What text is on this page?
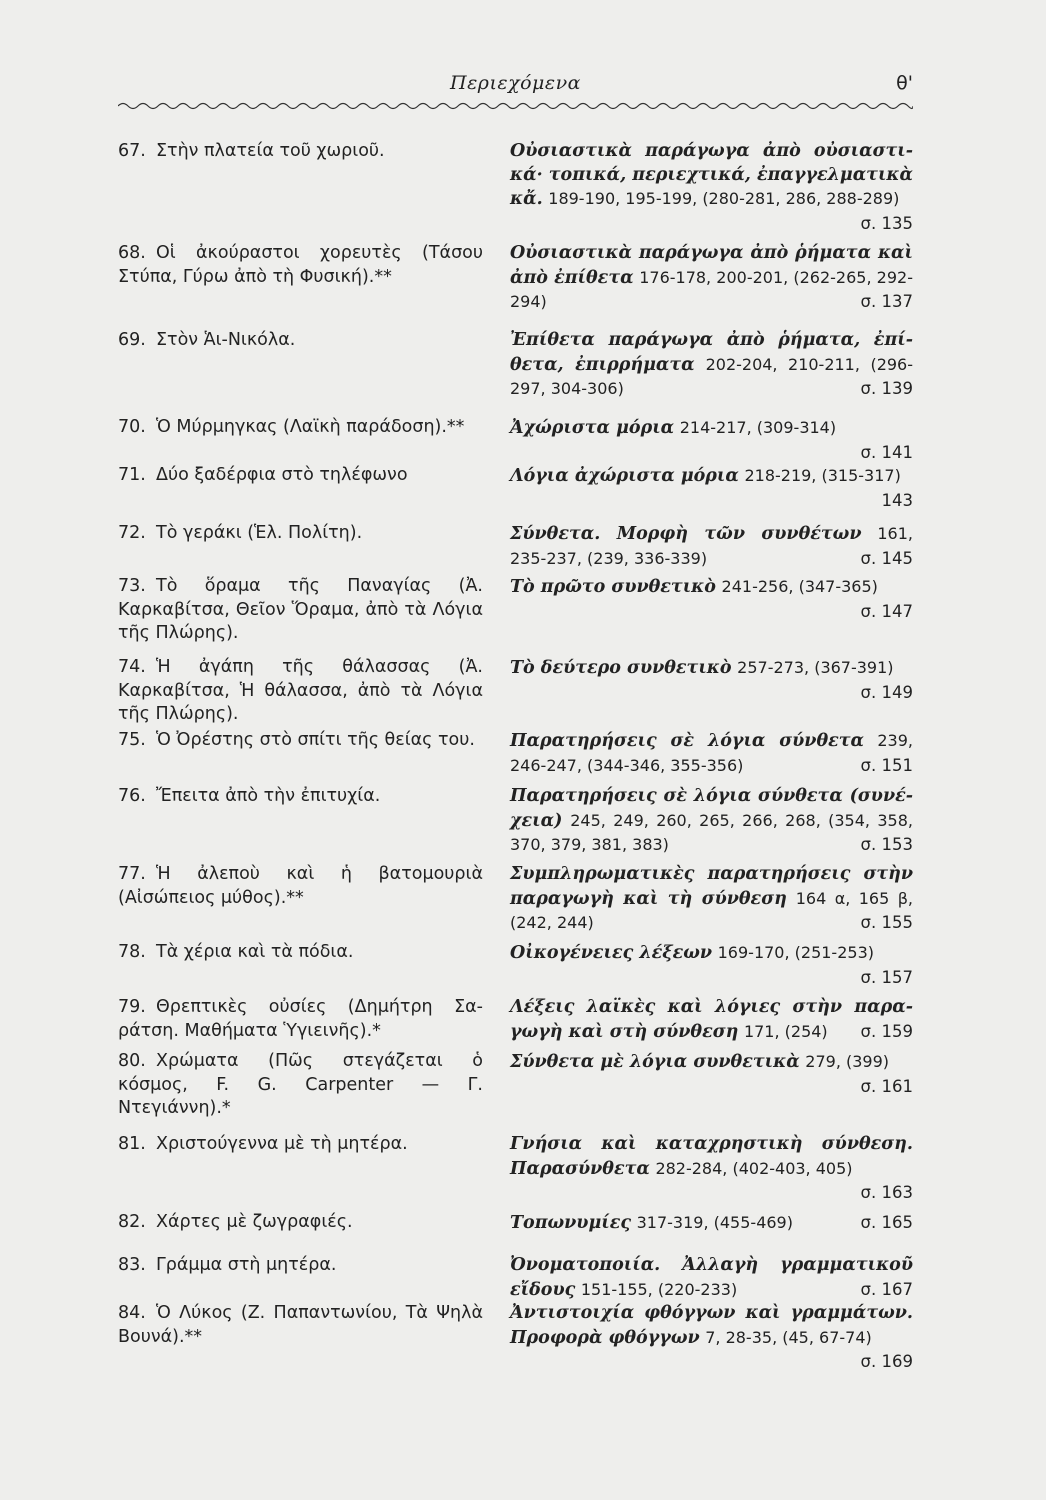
Περιεχόμενα	θ'
67. Στὴν πλατεία τοῦ χωριοῦ.	Οὐσιαστικὰ παράγωγα ἀπὸ οὐσιαστικά· τοπικά, περιεχτικά, ἐπαγγελματικὰ κἄ. 189-190, 195-199, (280-281, 286, 288-289)
σ. 135
68. Οἱ ἀκούραστοι χορευτὲς (Τάσου Στύπα, Γύρω ἀπὸ τὴ Φυσική).**
Οὐσιαστικὰ παράγωγα ἀπὸ ῥήματα καὶ ἀπὸ ἐπίθετα 176-178, 200-201, (262-265, 292-294)	σ. 137
69. Στὸν Ἁι-Νικόλα.	Ἐπίθετα παράγωγα ἀπὸ ῥήματα, ἐπίθετα, ἐπιρρήματα 202-204, 210-211, (296-297, 304-306)	σ. 139
70. Ὁ Μύρμηγκας (Λαϊκὴ παράδοση).**	Ἀχώριστα μόρια 214-217, (309-314)
σ. 141
71. Δύο ξαδέρφια στὸ τηλέφωνο	Λόγια ἀχώριστα μόρια 218-219, (315-317)
143
72. Τὸ γεράκι (Ἑλ. Πολίτη).	Σύνθετα. Μορφὴ τῶν συνθέτων 161, 235-237, (239, 336-339)	σ. 145
73. Τὸ ὅραμα τῆς Παναγίας (Ἀ. Καρκαβίτσα, Θεῖον Ὅραμα, ἀπὸ τὰ Λόγια τῆς Πλώρης).
Τὸ πρῶτο συνθετικὸ 241-256, (347-365)
σ. 147
74. Ἡ ἀγάπη τῆς θάλασσας (Ἀ. Καρκαβίτσα, Ἡ θάλασσα, ἀπὸ τὰ Λόγια τῆς Πλώρης).
Τὸ δεύτερο συνθετικὸ 257-273, (367-391)
σ. 149
75. Ὁ Ὀρέστης στὸ σπίτι τῆς θείας του.	Παρατηρήσεις σὲ λόγια σύνθετα 239, 246-247, (344-346, 355-356)	σ. 151
76. Ἔπειτα ἀπὸ τὴν ἐπιτυχία.	Παρατηρήσεις σὲ λόγια σύνθετα (συνέχεια) 245, 249, 260, 265, 266, 268, (354, 358, 370, 379, 381, 383)	σ. 153
77. Ἡ ἀλεποὺ καὶ ἡ βατομουριὰ (Αἰσώπειος μύθος).**
Συμπληρωματικὲς παρατηρήσεις στὴν παραγωγὴ καὶ τὴ σύνθεση 164 α, 165 β, (242, 244)	σ. 155
78. Τὰ χέρια καὶ τὰ πόδια.	Οἰκογένειες λέξεων 169-170, (251-253)
σ. 157
79. Θρεπτικὲς οὐσίες (Δημήτρη Σαράτση. Μαθήματα Ὑγιεινῆς).*
Λέξεις λαϊκὲς καὶ λόγιες στὴν παραγωγὴ καὶ στὴ σύνθεση 171, (254) σ. 159
80. Χρώματα (Πῶς στεγάζεται ὁ κόσμος, F. G. Carpenter — Γ. Ντεγιάννη).*
Σύνθετα μὲ λόγια συνθετικὰ 279, (399)
σ. 161
81. Χριστούγεννα μὲ τὴ μητέρα.	Γνήσια καὶ καταχρηστικὴ σύνθεση. Παρασύνθετα 282-284, (402-403, 405)
σ. 163
82. Χάρτες μὲ ζωγραφιές.	Τοπωνυμίες 317-319, (455-469)	σ. 165
83. Γράμμα στὴ μητέρα.	Ὀνοματοποιία. Ἀλλαγὴ γραμματικοῦ εἴδους 151-155, (220-233)	σ. 167
84. Ὁ Λύκος (Ζ. Παπαντωνίου, Τὰ Ψηλὰ Βουνά).**
Ἀντιστοιχία φθόγγων καὶ γραμμάτων. Προφορὰ φθόγγων 7, 28-35, (45, 67-74)
σ. 169
